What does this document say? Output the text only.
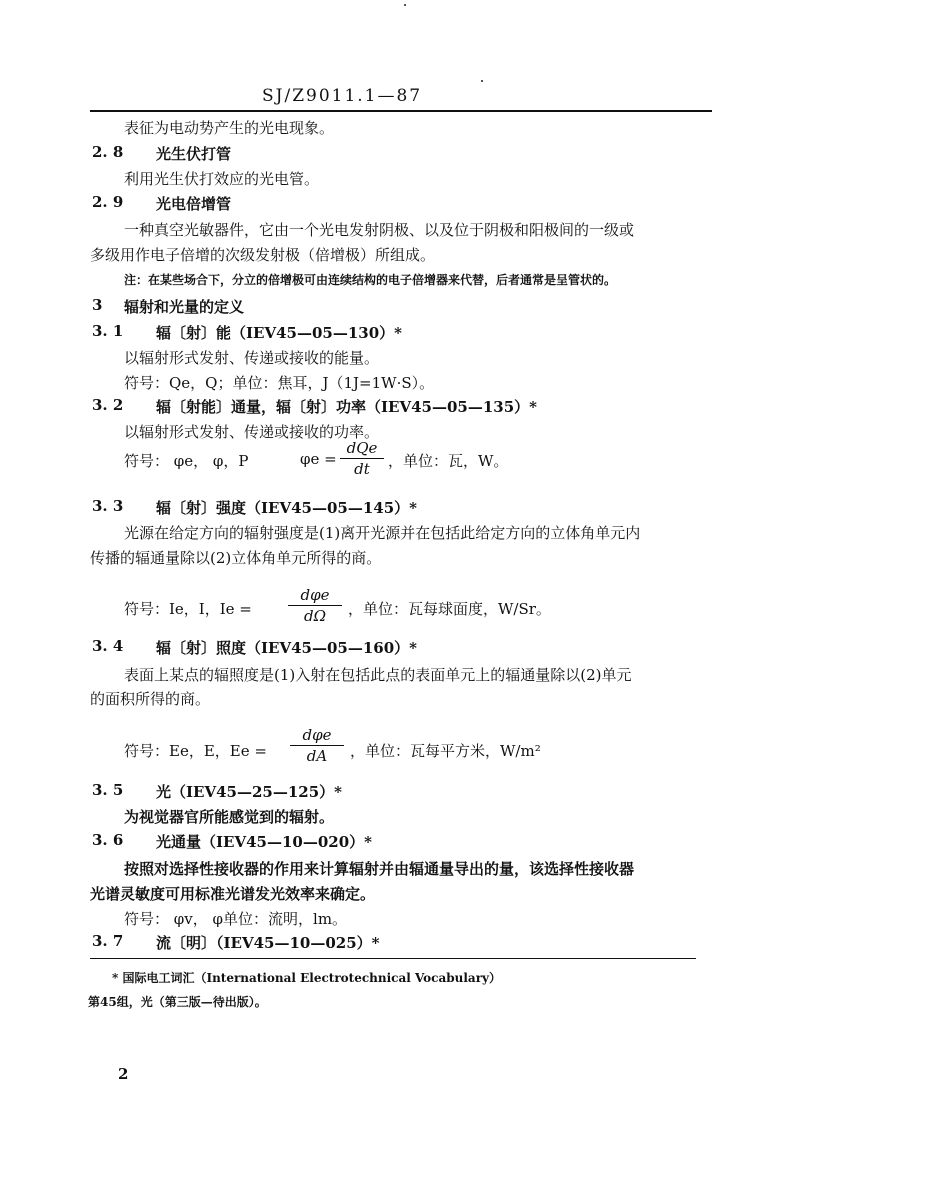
SJ/Z9011.1—87
表征为电动势产生的光电现象。
2. 8 光生伏打管
利用光生伏打效应的光电管。
2. 9 光电倍增管
一种真空光敏器件，它由一个光电发射阴极、以及位于阴极和阳极间的一级或
多级用作电子倍增的次级发射极（倍增极）所组成。
注：在某些场合下，分立的倍增极可由连续结构的电子倍增器来代替，后者通常是呈管状的。
3 辐射和光量的定义
3. 1 辐〔射〕能（IEV45—05—130）*
以辐射形式发射、传递或接收的能量。
符号：Qe，Q；单位：焦耳，J（1J=1W·S）。
3. 2 辐〔射能〕通量，辐〔射〕功率（IEV45—05—135）*
以辐射形式发射、传递或接收的功率。
符号： φe， φ，P	φe =
dQe
dt	，单位：瓦，W。
3. 3 辐〔射〕强度（IEV45—05—145）*
光源在给定方向的辐射强度是(1)离开光源并在包括此给定方向的立体角单元内
传播的辐通量除以(2)立体角单元所得的商。
符号：Ie，I，Ie =
dφe
dΩ	，单位：瓦每球面度，W/Sr。
3. 4 辐〔射〕照度（IEV45—05—160）*
表面上某点的辐照度是(1)入射在包括此点的表面单元上的辐通量除以(2)单元
的面积所得的商。
符号：Ee，E，Ee =
dφe
dA	，单位：瓦每平方米，W/m²
3. 5 光（IEV45—25—125）*
为视觉器官所能感觉到的辐射。
3. 6 光通量（IEV45—10—020）*
按照对选择性接收器的作用来计算辐射并由辐通量导出的量，该选择性接收器
光谱灵敏度可用标准光谱发光效率来确定。
符号： φv， φ单位：流明，lm。
3. 7 流〔明〕（IEV45—10—025）*
* 国际电工词汇（International Electrotechnical Vocabulary）
第45组，光（第三版—待出版）。
2
